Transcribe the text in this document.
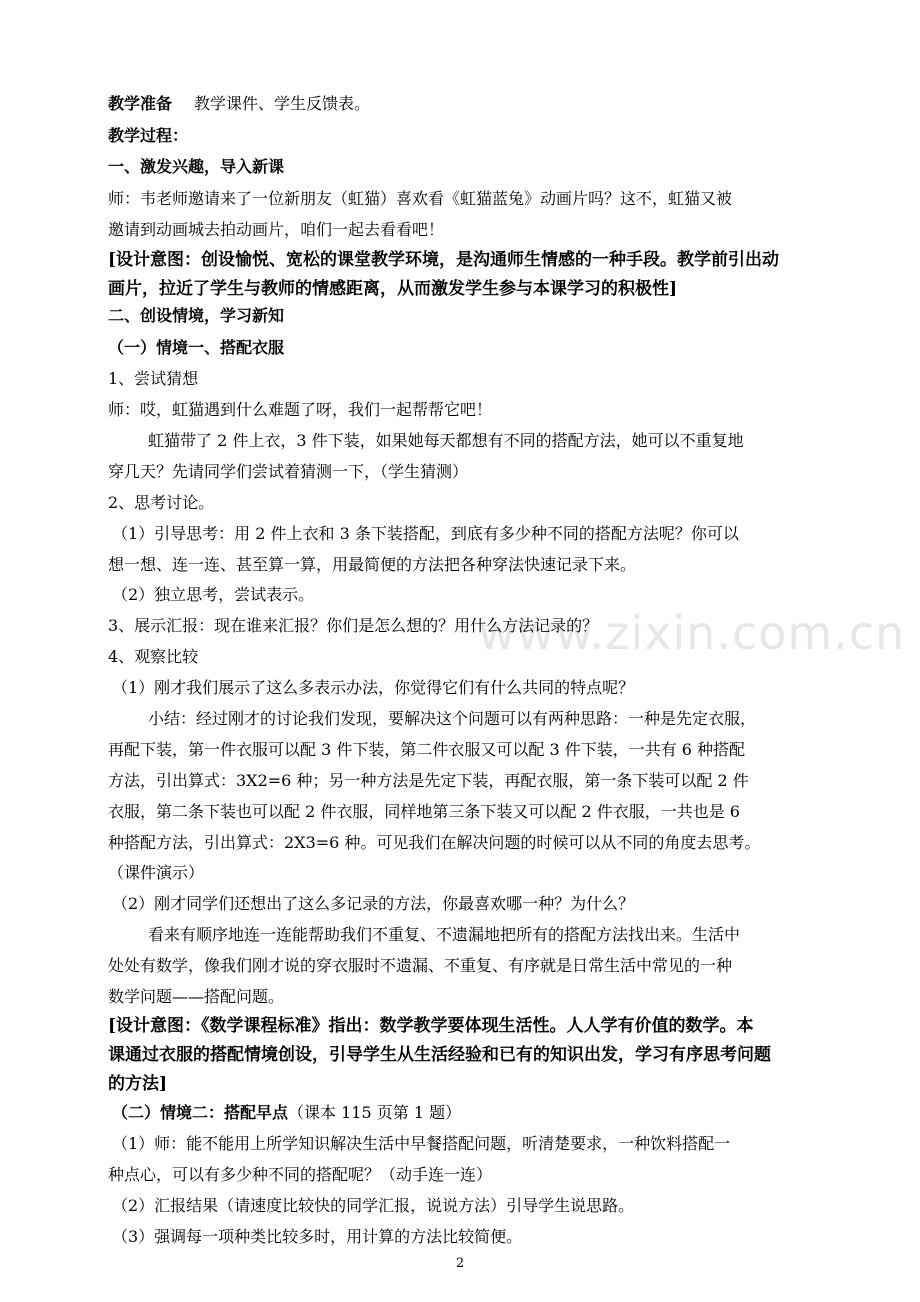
www.zixin.com.cn
教学准备 教学课件、学生反馈表。
教学过程：
一、激发兴趣，导入新课
师：韦老师邀请来了一位新朋友（虹猫）喜欢看《虹猫蓝兔》动画片吗？这不，虹猫又被
邀请到动画城去拍动画片，咱们一起去看看吧！
[设计意图：创设愉悦、宽松的课堂教学环境，是沟通师生情感的一种手段。教学前引出动
画片，拉近了学生与教师的情感距离，从而激发学生参与本课学习的积极性]
二、创设情境，学习新知
（一）情境一、搭配衣服
1、尝试猜想
师：哎，虹猫遇到什么难题了呀，我们一起帮帮它吧！
虹猫带了 2 件上衣，3 件下装，如果她每天都想有不同的搭配方法，她可以不重复地
穿几天？先请同学们尝试着猜测一下，（学生猜测）
2、思考讨论。
（1）引导思考：用 2 件上衣和 3 条下装搭配，到底有多少种不同的搭配方法呢？你可以
想一想、连一连、甚至算一算，用最简便的方法把各种穿法快速记录下来。
（2）独立思考，尝试表示。
3、展示汇报：现在谁来汇报？你们是怎么想的？用什么方法记录的？
4、观察比较
（1）刚才我们展示了这么多表示办法，你觉得它们有什么共同的特点呢？
小结：经过刚才的讨论我们发现，要解决这个问题可以有两种思路：一种是先定衣服，
再配下装，第一件衣服可以配 3 件下装，第二件衣服又可以配 3 件下装，一共有 6 种搭配
方法，引出算式：3X2=6 种；另一种方法是先定下装，再配衣服，第一条下装可以配 2 件
衣服，第二条下装也可以配 2 件衣服，同样地第三条下装又可以配 2 件衣服，一共也是 6
种搭配方法，引出算式：2X3=6 种。可见我们在解决问题的时候可以从不同的角度去思考。
（课件演示）
（2）刚才同学们还想出了这么多记录的方法，你最喜欢哪一种？为什么？
看来有顺序地连一连能帮助我们不重复、不遗漏地把所有的搭配方法找出来。生活中
处处有数学，像我们刚才说的穿衣服时不遗漏、不重复、有序就是日常生活中常见的一种
数学问题——搭配问题。
[设计意图：《数学课程标准》指出：数学教学要体现生活性。人人学有价值的数学。本
课通过衣服的搭配情境创设，引导学生从生活经验和已有的知识出发，学习有序思考问题
的方法]
（二）情境二：搭配早点（课本 115 页第 1 题）
（1）师：能不能用上所学知识解决生活中早餐搭配问题，听清楚要求，一种饮料搭配一
种点心，可以有多少种不同的搭配呢？（动手连一连）
（2）汇报结果（请速度比较快的同学汇报，说说方法）引导学生说思路。
（3）强调每一项种类比较多时，用计算的方法比较简便。
2
